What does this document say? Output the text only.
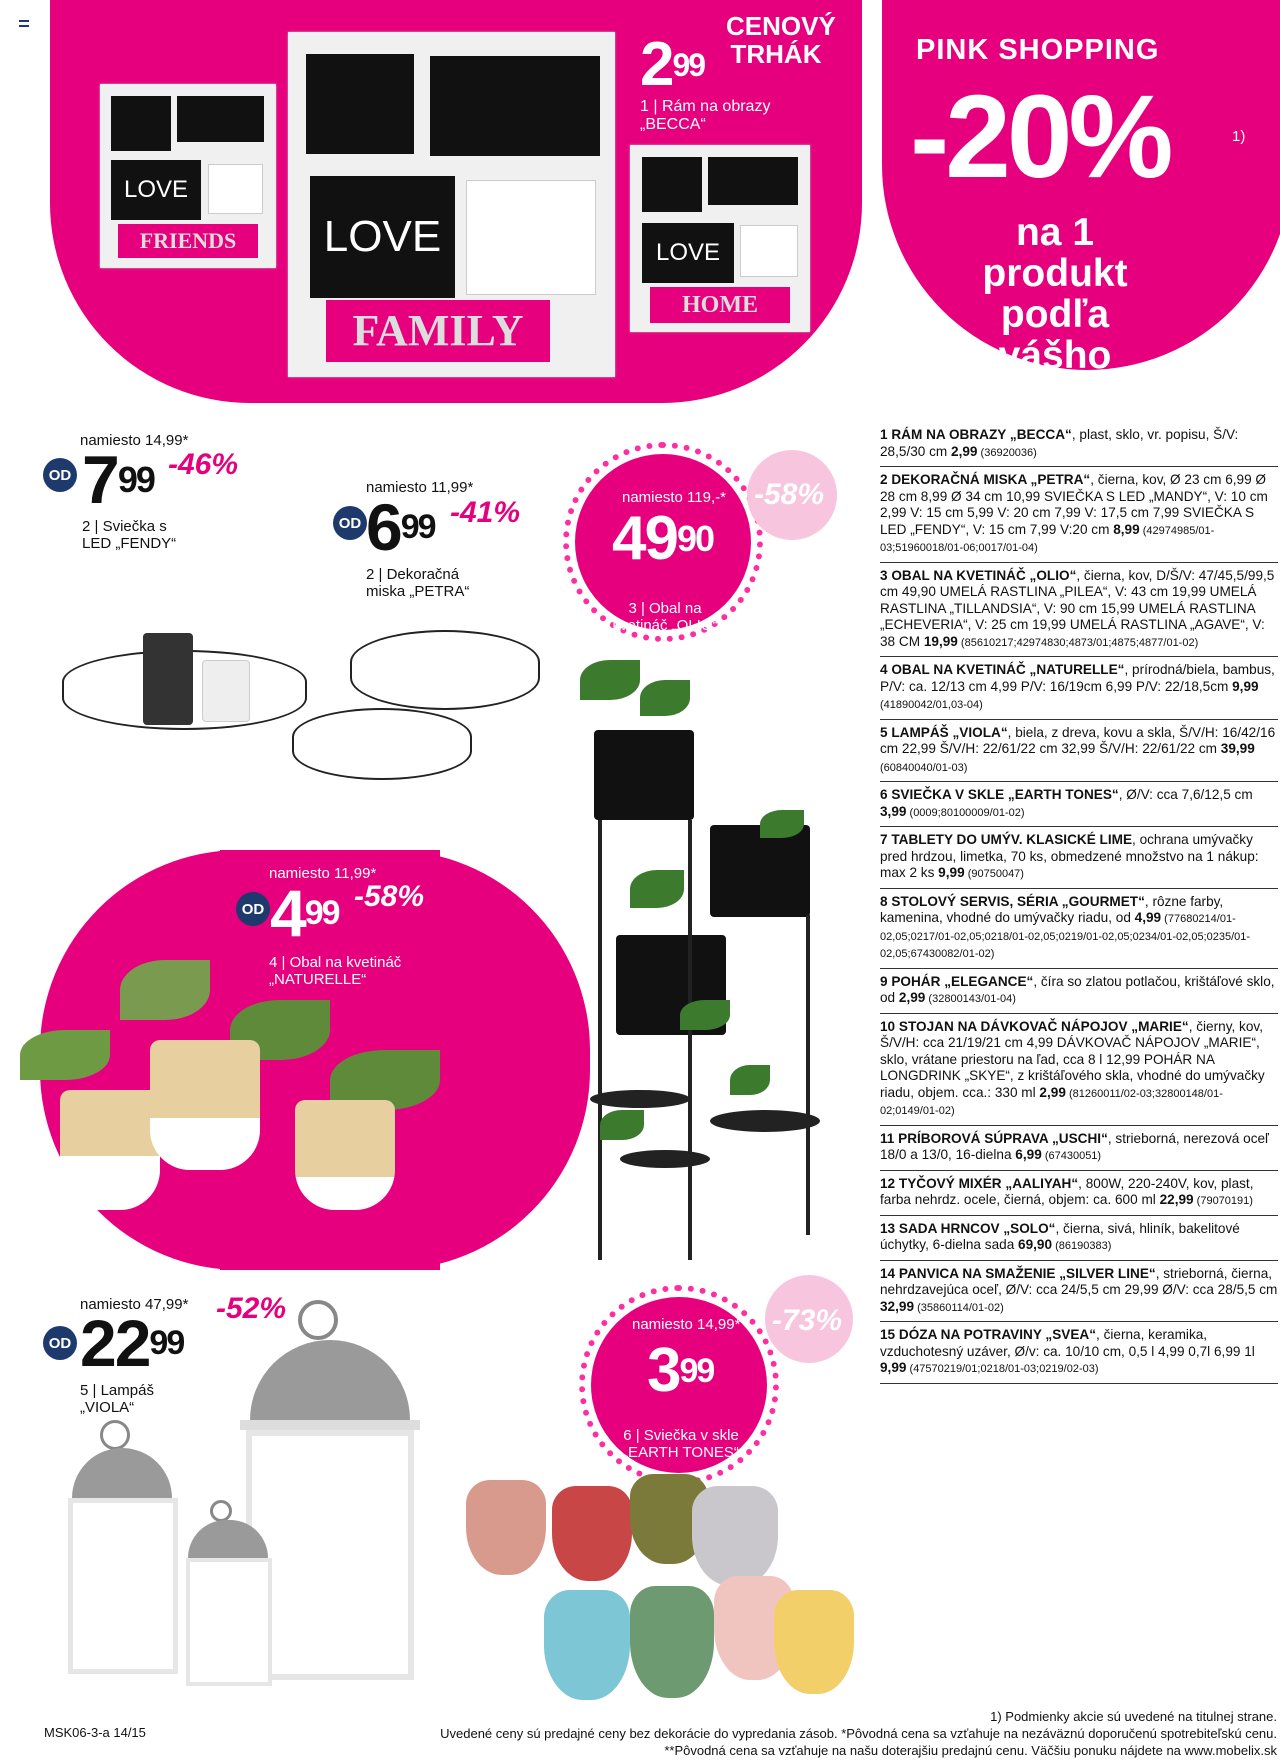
LOVE
FRIENDS	LOVE
FAMILY
LOVE
HOME
$2^{99}$
CENOVÝ TRHÁK
1 | Rám na obrazy „BECCA“
PINK SHOPPING
-20%	1)
na 1 produkt podľa vášho výberu
namiesto 14,99*
OD $7^{99}$ -46%
2 | Sviečka s LED „FENDY“
namiesto 11,99*
OD $6^{99}$ -41%
2 | Dekoračná miska „PETRA“
-58%
namiesto 119,-*
$49^{90}$
3 | Obal na kvetináč „OLIO“
namiesto 11,99*
OD $4^{99}$ -58%
4 | Obal na kvetináč „NATURELLE“
namiesto 47,99*
OD $22^{99}$
-52%
5 | Lampáš „VIOLA“
-73%
namiesto 14,99*
$3^{99}$
6 | Sviečka v skle „EARTH TONES“
1 RÁM NA OBRAZY „BECCA“, plast, sklo, vr. popisu, Š/V: 28,5/30 cm 2,99 (36920036)
2 DEKORAČNÁ MISKA „PETRA“, čierna, kov, Ø 23 cm 6,99 Ø 28 cm 8,99 Ø 34 cm 10,99 SVIEČKA S LED „MANDY“, V: 10 cm 2,99 V: 15 cm 5,99 V: 20 cm 7,99 V: 17,5 cm 7,99 SVIEČKA S LED „FENDY“, V: 15 cm 7,99 V:20 cm 8,99 (42974985/01-03;51960018/01-06;0017/01-04)
3 OBAL NA KVETINÁČ „OLIO“, čierna, kov, D/Š/V: 47/45,5/99,5 cm 49,90 UMELÁ RASTLINA „PILEA“, V: 43 cm 19,99 UMELÁ RASTLINA „TILLANDSIA“, V: 90 cm 15,99 UMELÁ RASTLINA „ECHEVERIA“, V: 25 cm 19,99 UMELÁ RASTLINA „AGAVE“, V: 38 CM 19,99 (85610217;42974830;4873/01;4875;4877/01-02)
4 OBAL NA KVETINÁČ „NATURELLE“, prírodná/biela, bambus, P/V: ca. 12/13 cm 4,99 P/V: 16/19cm 6,99 P/V: 22/18,5cm 9,99 (41890042/01,03-04)
5 LAMPÁŠ „VIOLA“, biela, z dreva, kovu a skla, Š/V/H: 16/42/16 cm 22,99 Š/V/H: 22/61/22 cm 32,99 Š/V/H: 22/61/22 cm 39,99 (60840040/01-03)
6 SVIEČKA V SKLE „EARTH TONES“, Ø/V: cca 7,6/12,5 cm 3,99 (0009;80100009/01-02)
7 TABLETY DO UMÝV. KLASICKÉ LIME, ochrana umývačky pred hrdzou, limetka, 70 ks, obmedzené množstvo na 1 nákup: max 2 ks 9,99 (90750047)
8 STOLOVÝ SERVIS, SÉRIA „GOURMET“, rôzne farby, kamenina, vhodné do umývačky riadu, od 4,99 (77680214/01-02,05;0217/01-02,05;0218/01-02,05;0219/01-02,05;0234/01-02,05;0235/01-02,05;67430082/01-02)
9 POHÁR „ELEGANCE“, číra so zlatou potlačou, krištáľové sklo, od 2,99 (32800143/01-04)
10 STOJAN NA DÁVKOVAČ NÁPOJOV „MARIE“, čierny, kov, Š/V/H: cca 21/19/21 cm 4,99 DÁVKOVAČ NÁPOJOV „MARIE“, sklo, vrátane priestoru na ľad, cca 8 l 12,99 POHÁR NA LONGDRINK „SKYE“, z krištáľového skla, vhodné do umývačky riadu, objem. cca.: 330 ml 2,99 (81260011/02-03;32800148/01-02;0149/01-02)
11 PRÍBOROVÁ SÚPRAVA „USCHI“, strieborná, nerezová oceľ 18/0 a 13/0, 16-dielna 6,99 (67430051)
12 TYČOVÝ MIXÉR „AALIYAH“, 800W, 220-240V, kov, plast, farba nehrdz. ocele, čierná, objem: ca. 600 ml 22,99 (79070191)
13 SADA HRNCOV „SOLO“, čierna, sivá, hliník, bakelitové úchytky, 6-dielna sada 69,90 (86190383)
14 PANVICA NA SMAŽENIE „SILVER LINE“, strieborná, čierna, nehrdzavejúca oceľ, Ø/V: cca 24/5,5 cm 29,99 Ø/V: cca 28/5,5 cm 32,99 (35860114/01-02)
15 DÓZA NA POTRAVINY „SVEA“, čierna, keramika, vzduchotesný uzáver, Ø/v: ca. 10/10 cm, 0,5 l 4,99 0,7l 6,99 1l 9,99 (47570219/01;0218/01-03;0219/02-03)
MSK06-3-a 14/15
1) Podmienky akcie sú uvedené na titulnej strane.
Uvedené ceny sú predajné ceny bez dekorácie do vypredania zásob. *Pôvodná cena sa vzťahuje na nezáväznú doporučenú spotrebiteľskú cenu.
**Pôvodná cena sa vzťahuje na našu doterajšiu predajnú cenu. Väčšiu ponuku nájdete na www.mobelix.sk
